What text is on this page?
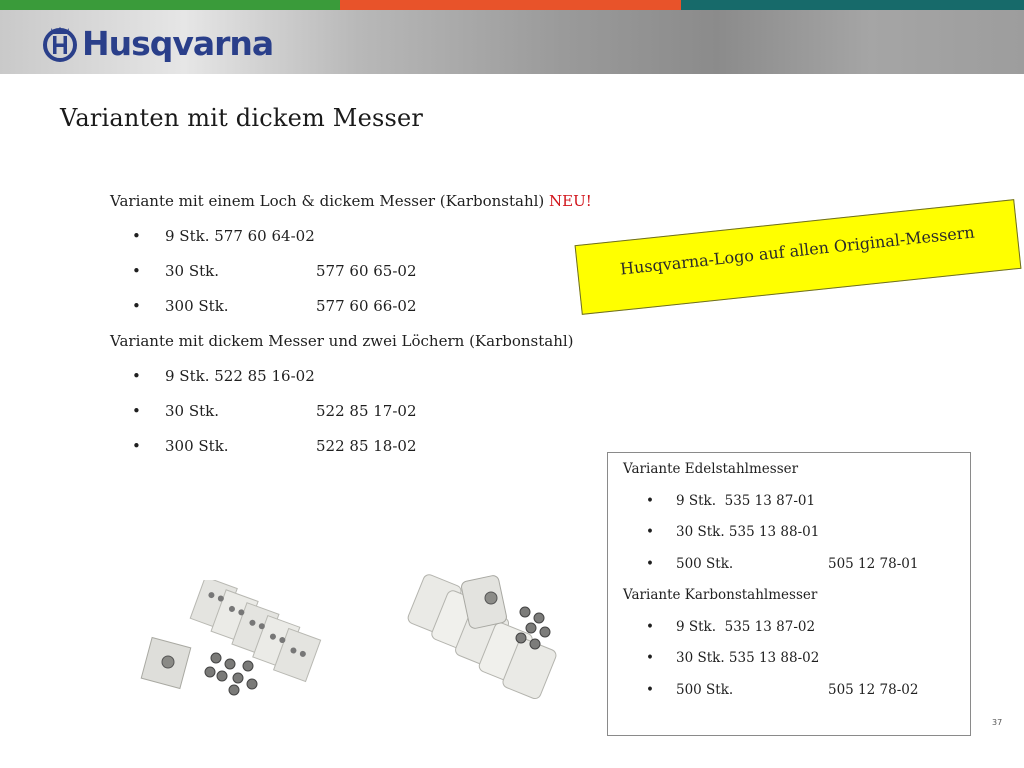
Husqvarna
Varianten mit dickem Messer
Variante mit einem Loch & dickem Messer (Karbonstahl) NEU!
• 9 Stk. 577 60 64-02
• 30 Stk.	577 60 65-02
• 300 Stk.	577 60 66-02
Variante mit dickem Messer und zwei Löchern (Karbonstahl)
• 9 Stk. 522 85 16-02
• 30 Stk.	522 85 17-02
• 300 Stk.	522 85 18-02
Husqvarna-Logo auf allen Original-Messern
Variante Edelstahlmesser
• 9 Stk.  535 13 87-01
• 30 Stk. 535 13 88-01
• 500 Stk.	505 12 78-01
Variante Karbonstahlmesser
• 9 Stk.  535 13 87-02
• 30 Stk. 535 13 88-02
• 500 Stk.	505 12 78-02
37
